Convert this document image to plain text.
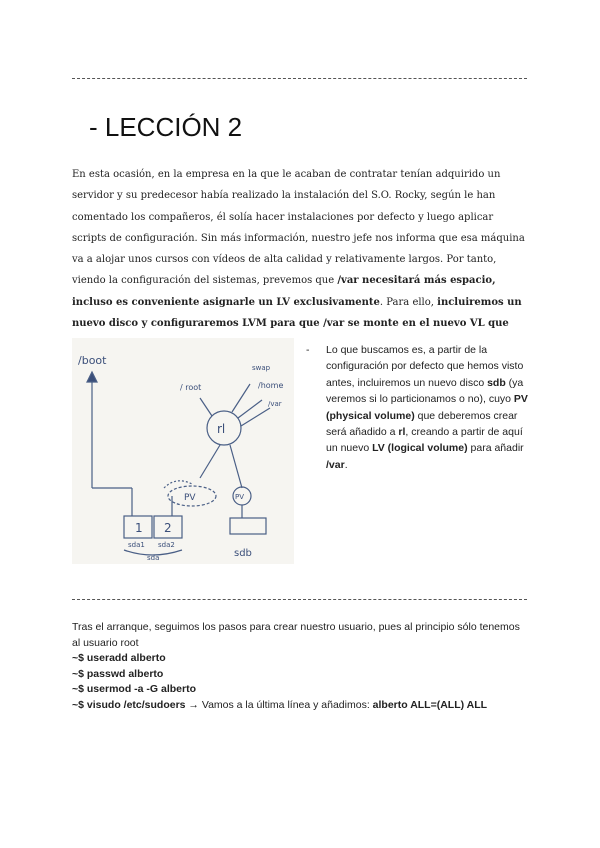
- LECCIÓN 2

En esta ocasión, en la empresa en la que le acaban de contratar tenían adquirido un servidor y su predecesor había realizado la instalación del S.O. Rocky, según le han comentado los compañeros, él solía hacer instalaciones por defecto y luego aplicar scripts de configuración. Sin más información, nuestro jefe nos informa que esa máquina va a alojar unos cursos con vídeos de alta calidad y relativamente largos. Por tanto, viendo la configuración del sistemas, prevemos que /var necesitará más espacio, incluso es conveniente asignarle un LV exclusivamente. Para ello, incluiremos un nuevo disco y configuraremos LVM para que /var se monte en el nuevo VL que

/boot
rl
/ root
swap
/home
/var
PV	PV
1 2
sda1 sda2
sda	sdb
- Lo que buscamos es, a partir de la configuración por defecto que hemos visto antes, incluiremos un nuevo disco sdb (ya veremos si lo particionamos o no), cuyo PV (physical volume) que deberemos crear será añadido a rl, creando a partir de aquí un nuevo LV (logical volume) para añadir /var.

Tras el arranque, seguimos los pasos para crear nuestro usuario, pues al principio sólo tenemos al usuario root

~$ useradd alberto

~$ passwd alberto

~$ usermod -a -G alberto

~$ visudo /etc/sudoers → Vamos a la última línea y añadimos: alberto ALL=(ALL) ALL
